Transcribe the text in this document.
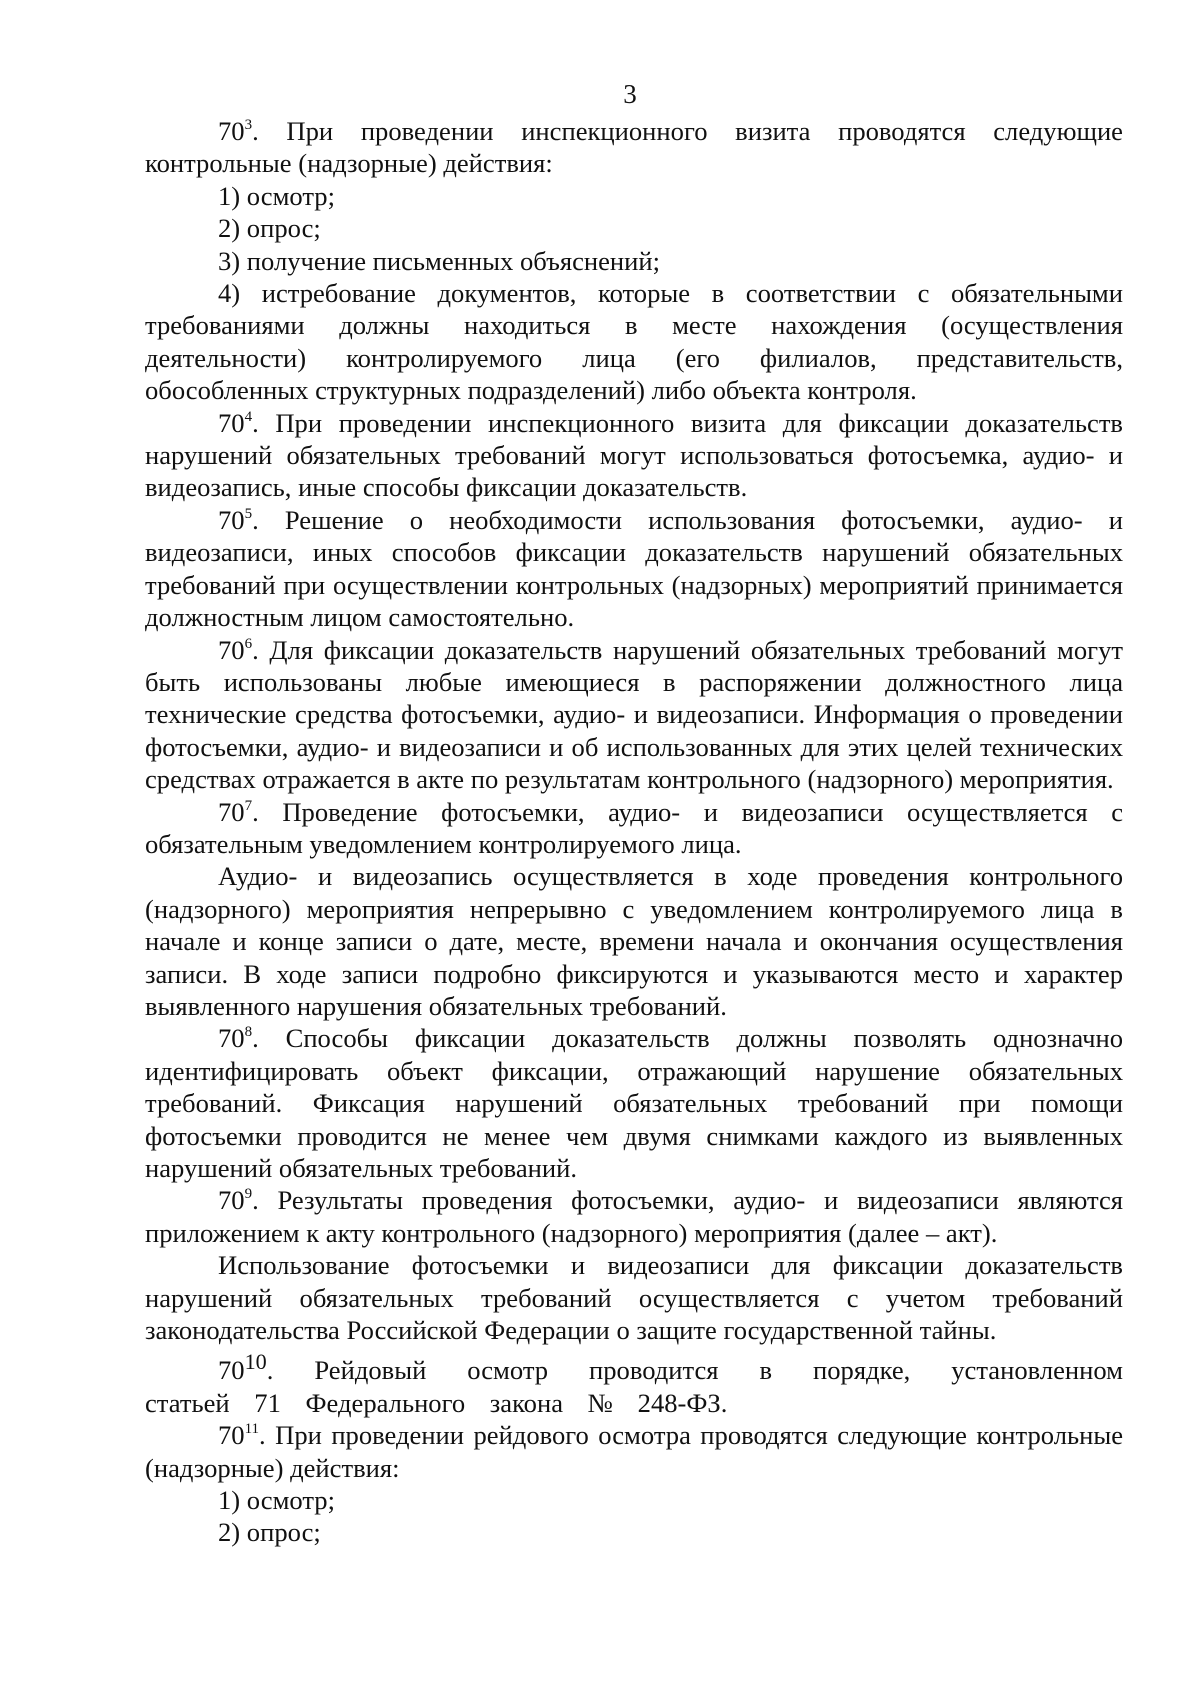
3

$70^3$. При проведении инспекционного визита проводятся следующие контрольные (надзорные) действия:

1) осмотр;

2) опрос;

3) получение письменных объяснений;

4) истребование документов, которые в соответствии с обязательными требованиями должны находиться в месте нахождения (осуществления деятельности) контролируемого лица (его филиалов, представительств, обособленных структурных подразделений) либо объекта контроля.

$70^4$. При проведении инспекционного визита для фиксации доказательств нарушений обязательных требований могут использоваться фотосъемка, аудио- и видеозапись, иные способы фиксации доказательств.

$70^5$. Решение о необходимости использования фотосъемки, аудио- и видеозаписи, иных способов фиксации доказательств нарушений обязательных требований при осуществлении контрольных (надзорных) мероприятий принимается должностным лицом самостоятельно.

$70^6$. Для фиксации доказательств нарушений обязательных требований могут быть использованы любые имеющиеся в распоряжении должностного лица технические средства фотосъемки, аудио- и видеозаписи. Информация о проведении фотосъемки, аудио- и видеозаписи и об использованных для этих целей технических средствах отражается в акте по результатам контрольного (надзорного) мероприятия.

$70^7$. Проведение фотосъемки, аудио- и видеозаписи осуществляется с обязательным уведомлением контролируемого лица.

Аудио- и видеозапись осуществляется в ходе проведения контрольного (надзорного) мероприятия непрерывно с уведомлением контролируемого лица в начале и конце записи о дате, месте, времени начала и окончания осуществления записи. В ходе записи подробно фиксируются и указываются место и характер выявленного нарушения обязательных требований.

$70^8$. Способы фиксации доказательств должны позволять однозначно идентифицировать объект фиксации, отражающий нарушение обязательных требований. Фиксация нарушений обязательных требований при помощи фотосъемки проводится не менее чем двумя снимками каждого из выявленных нарушений обязательных требований.

$70^9$. Результаты проведения фотосъемки, аудио- и видеозаписи являются приложением к акту контрольного (надзорного) мероприятия (далее – акт).

Использование фотосъемки и видеозаписи для фиксации доказательств нарушений обязательных требований осуществляется с учетом требований законодательства Российской Федерации о защите государственной тайны.

$70^{10}$. Рейдовый осмотр проводится в порядке, установленном статьей 71 Федерального закона № 248-ФЗ.

$70^{11}$. При проведении рейдового осмотра проводятся следующие контрольные (надзорные) действия:

1) осмотр;

2) опрос;
